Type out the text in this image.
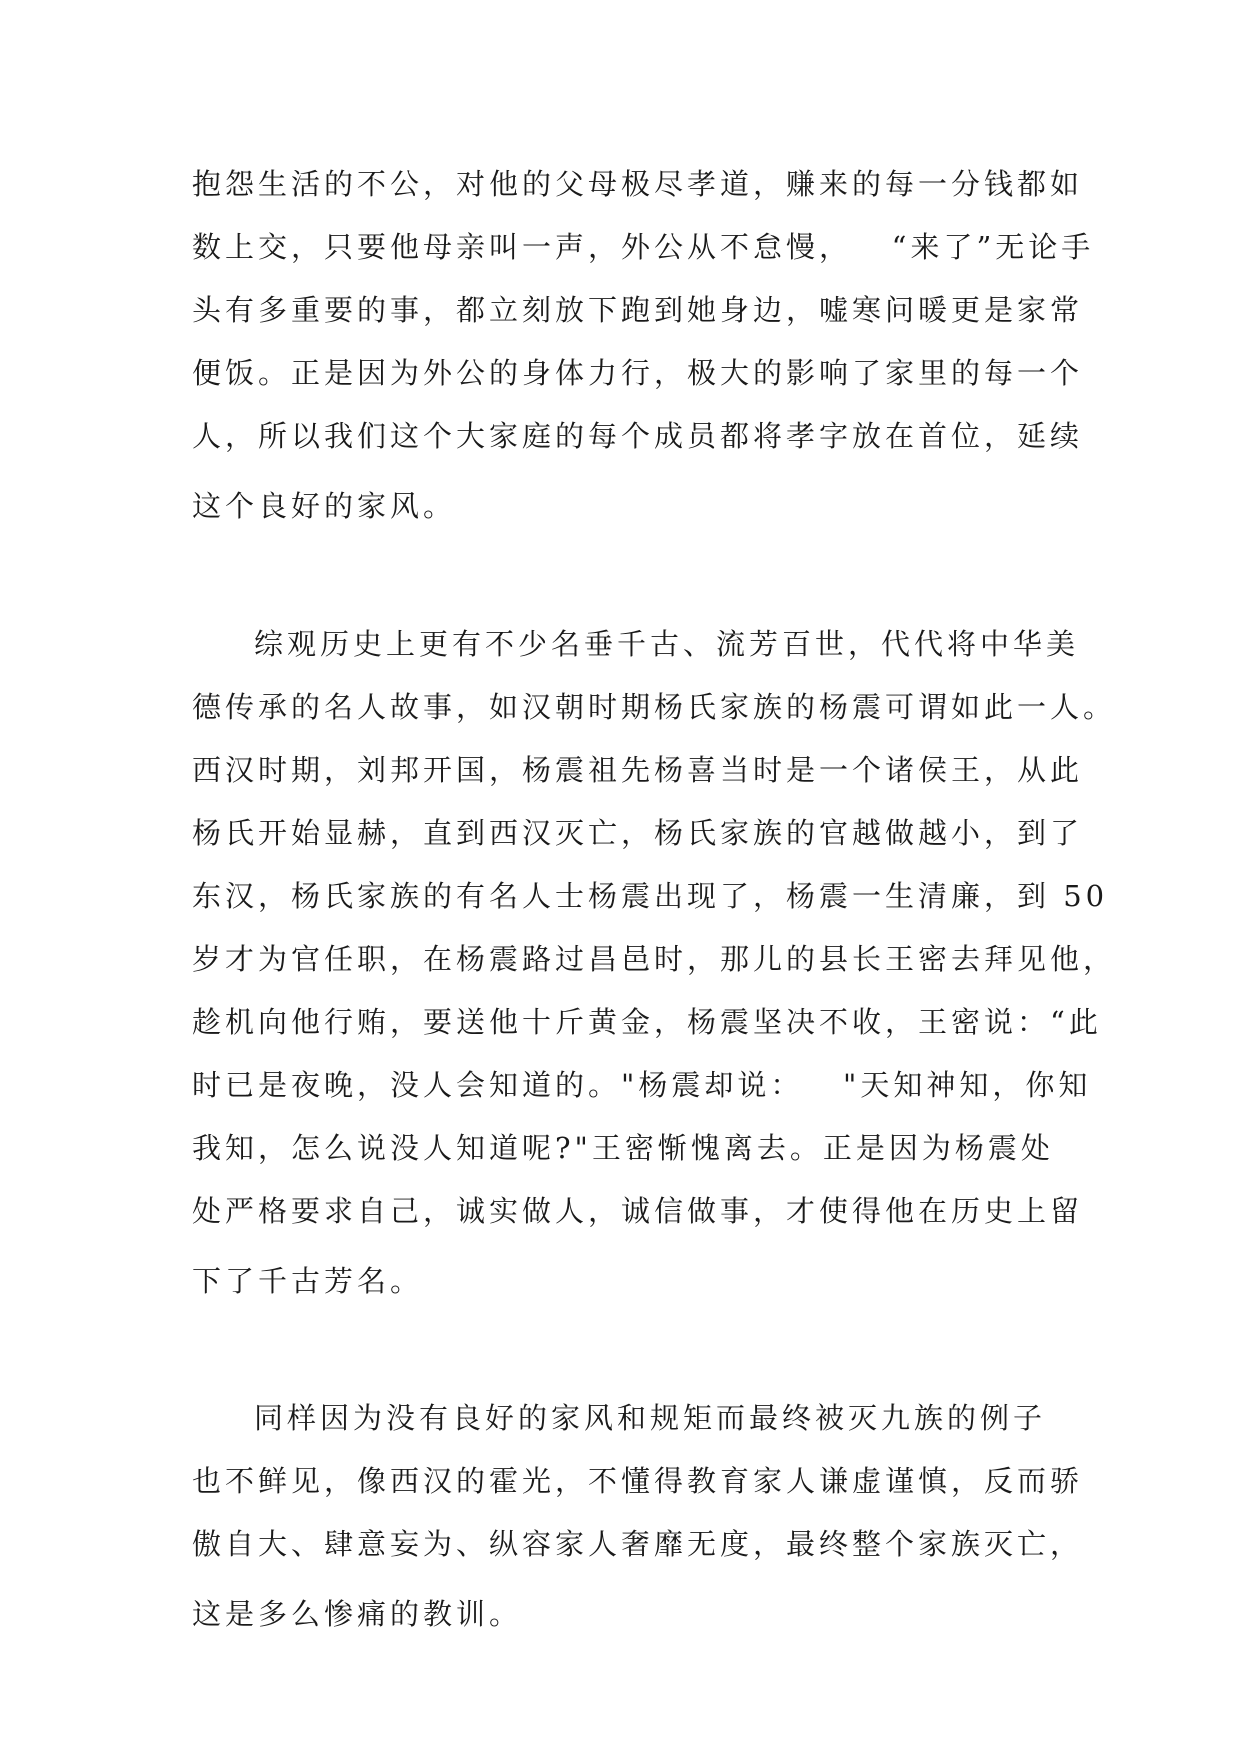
抱怨生活的不公，对他的父母极尽孝道，赚来的每一分钱都如

数上交，只要他母亲叫一声，外公从不怠慢，   “来了”无论手

头有多重要的事，都立刻放下跑到她身边，嘘寒问暖更是家常

便饭。正是因为外公的身体力行，极大的影响了家里的每一个

人，所以我们这个大家庭的每个成员都将孝字放在首位，延续

这个良好的家风。

综观历史上更有不少名垂千古、流芳百世，代代将中华美

德传承的名人故事，如汉朝时期杨氏家族的杨震可谓如此一人。

西汉时期，刘邦开国，杨震祖先杨喜当时是一个诸侯王，从此

杨氏开始显赫，直到西汉灭亡，杨氏家族的官越做越小，到了

东汉，杨氏家族的有名人士杨震出现了，杨震一生清廉，到 50

岁才为官任职，在杨震路过昌邑时，那儿的县长王密去拜见他，

趁机向他行贿，要送他十斤黄金，杨震坚决不收，王密说：“此

时已是夜晚，没人会知道的。"杨震却说：   "天知神知，你知

我知，怎么说没人知道呢?"王密惭愧离去。正是因为杨震处

处严格要求自己，诚实做人，诚信做事，才使得他在历史上留

下了千古芳名。

同样因为没有良好的家风和规矩而最终被灭九族的例子

也不鲜见，像西汉的霍光，不懂得教育家人谦虚谨慎，反而骄

傲自大、肆意妄为、纵容家人奢靡无度，最终整个家族灭亡，

这是多么惨痛的教训。
